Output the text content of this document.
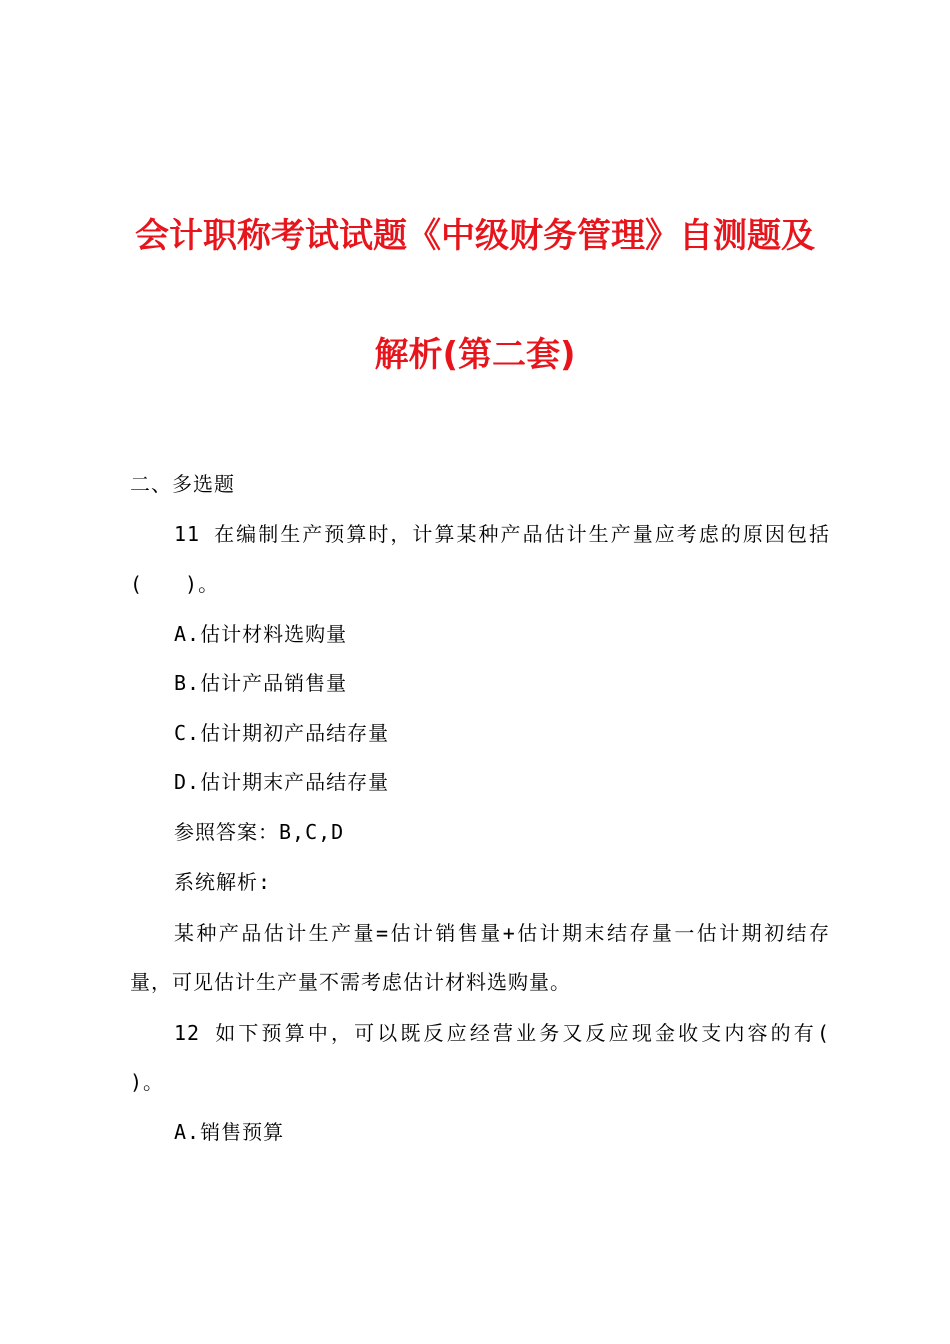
会计职称考试试题《中级财务管理》自测题及
解析(第二套)
二、多选题
11 在编制生产预算时，计算某种产品估计生产量应考虑的原因包括
(　　)。
A.估计材料选购量
B.估计产品销售量
C.估计期初产品结存量
D.估计期末产品结存量
参照答案：B,C,D
系统解析:
某种产品估计生产量=估计销售量+估计期末结存量一估计期初结存
量，可见估计生产量不需考虑估计材料选购量。
12 如下预算中，可以既反应经营业务又反应现金收支内容的有(
)。
A.销售预算
